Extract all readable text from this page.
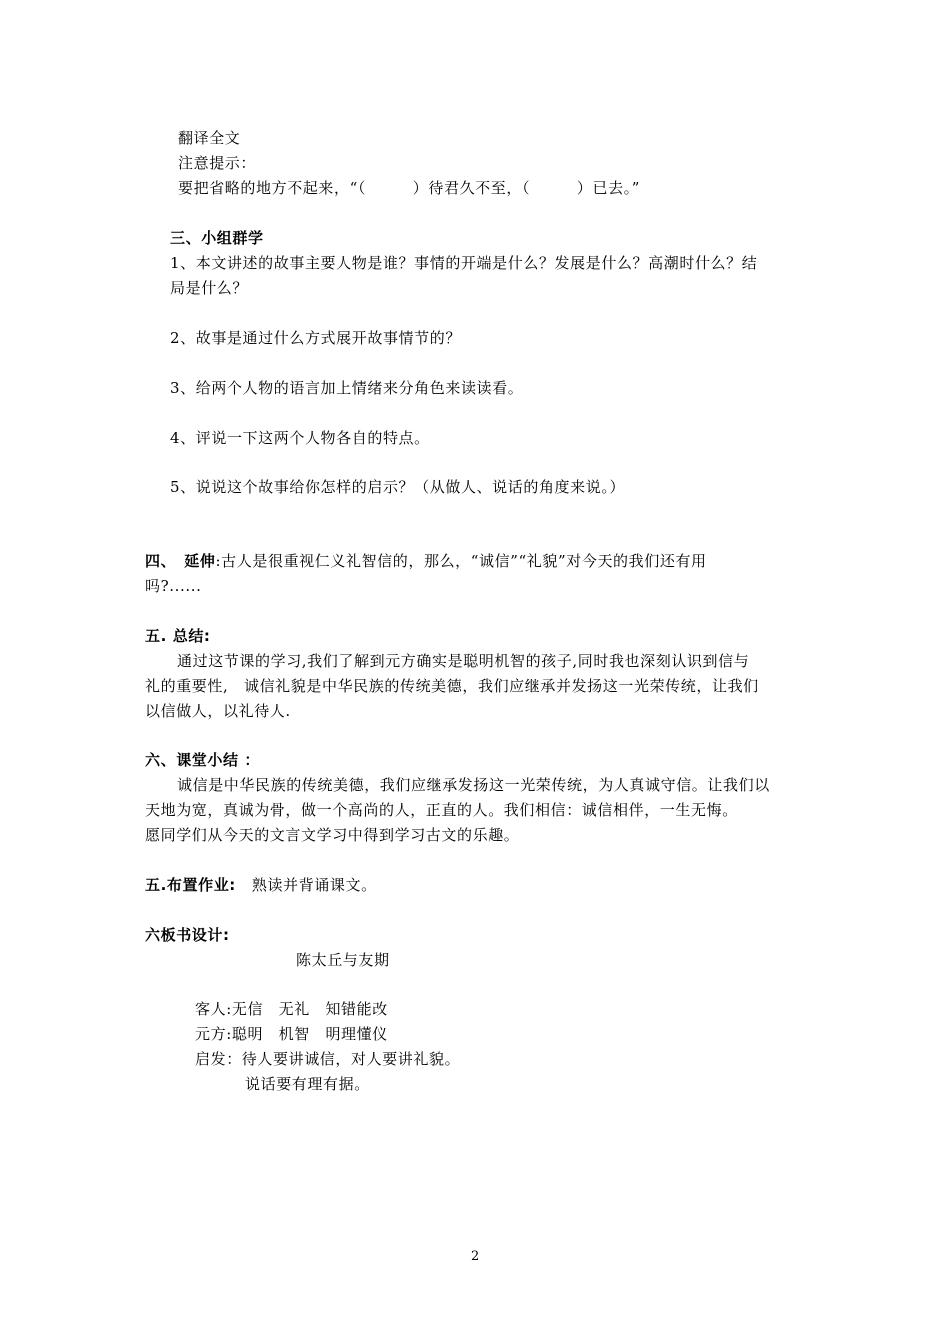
翻译全文
注意提示：
要把省略的地方不起来，“（　　　）待君久不至，（　　　）已去。”
三、小组群学
1、本文讲述的故事主要人物是谁？事情的开端是什么？发展是什么？高潮时什么？结
局是什么？
2、故事是通过什么方式展开故事情节的？
3、给两个人物的语言加上情绪来分角色来读读看。
4、评说一下这两个人物各自的特点。
5、说说这个故事给你怎样的启示？（从做人、说话的角度来说。）
四、　延伸:古人是很重视仁义礼智信的，那么，“诚信”“礼貌”对今天的我们还有用
吗?......
五. 总结:
通过这节课的学习,我们了解到元方确实是聪明机智的孩子,同时我也深刻认识到信与
礼的重要性,　诚信礼貌是中华民族的传统美德，我们应继承并发扬这一光荣传统，让我们
以信做人，以礼待人.
六、课堂小结 ：
诚信是中华民族的传统美德，我们应继承发扬这一光荣传统，为人真诚守信。让我们以
天地为宽，真诚为骨，做一个高尚的人，正直的人。我们相信：诚信相伴，一生无悔。
愿同学们从今天的文言文学习中得到学习古文的乐趣。
五.布置作业: 熟读并背诵课文。
六板书设计:
陈太丘与友期
客人:无信　无礼　知错能改
元方:聪明　机智　明理懂仪
启发：待人要讲诚信，对人要讲礼貌。
说话要有理有据。
2
